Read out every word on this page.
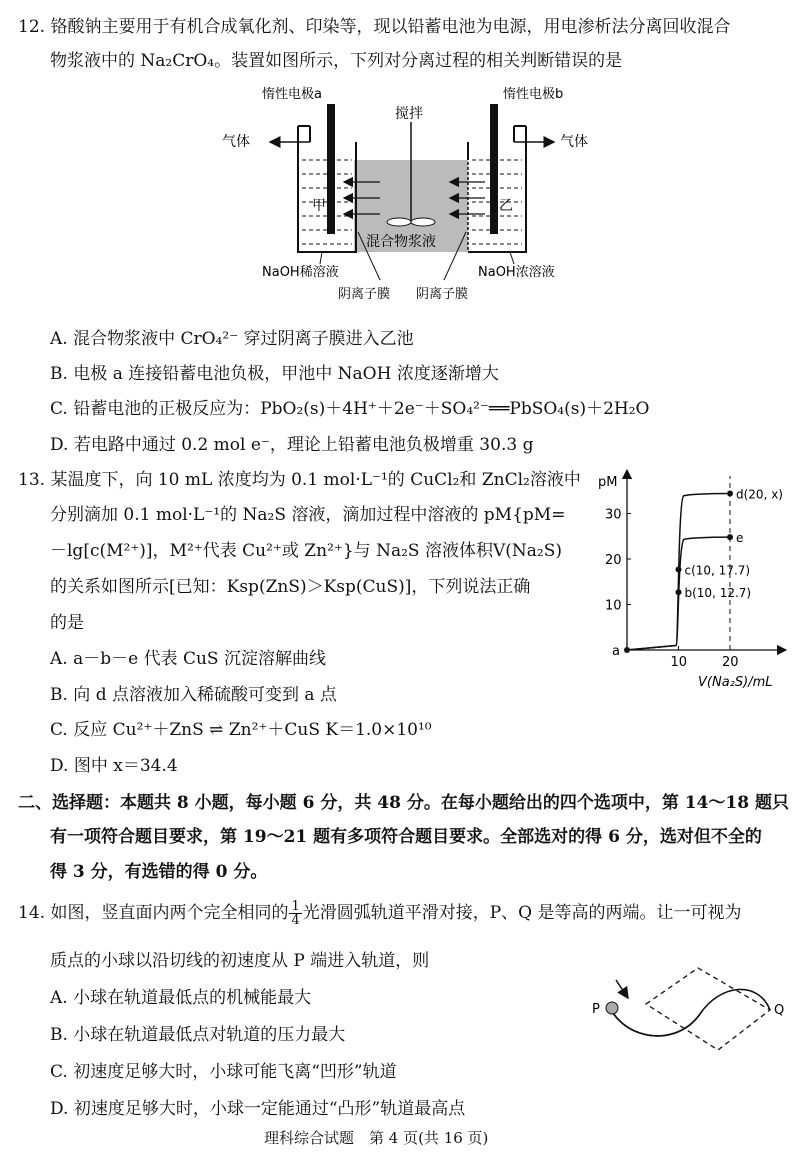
12. 铬酸钠主要用于有机合成氧化剂、印染等，现以铅蓄电池为电源，用电渗析法分离回收混合
物浆液中的 Na₂CrO₄。装置如图所示，下列对分离过程的相关判断错误的是
惰性电极a	惰性电极b
气体	气体
搅拌
甲	乙
混合物浆液
NaOH稀溶液	NaOH浓溶液
阴离子膜 阴离子膜
A. 混合物浆液中 CrO₄²⁻ 穿过阴离子膜进入乙池
B. 电极 a 连接铅蓄电池负极，甲池中 NaOH 浓度逐渐增大
C. 铅蓄电池的正极反应为：PbO₂(s)＋4H⁺＋2e⁻＋SO₄²⁻══PbSO₄(s)＋2H₂O
D. 若电路中通过 0.2 mol e⁻，理论上铅蓄电池负极增重 30.3 g
13. 某温度下，向 10 mL 浓度均为 0.1 mol·L⁻¹的 CuCl₂和 ZnCl₂溶液中
分别滴加 0.1 mol·L⁻¹的 Na₂S 溶液，滴加过程中溶液的 pM{pM=
－lg[c(M²⁺)]，M²⁺代表 Cu²⁺或 Zn²⁺}与 Na₂S 溶液体积V(Na₂S)
的关系如图所示[已知：Ksp(ZnS)＞Ksp(CuS)]，下列说法正确
的是
A. a－b－e 代表 CuS 沉淀溶解曲线
B. 向 d 点溶液加入稀硫酸可变到 a 点
C. 反应 Cu²⁺＋ZnS ⇌ Zn²⁺＋CuS K＝1.0×10¹⁰
D. 图中 x＝34.4
pM
V(Na₂S)/mL
a
10	20
10
20
30
b(10, 12.7)
c(10, 17.7)
d(20, x)
e
二、选择题：本题共 8 小题，每小题 6 分，共 48 分。在每小题给出的四个选项中，第 14～18 题只
有一项符合题目要求，第 19～21 题有多项符合题目要求。全部选对的得 6 分，选对但不全的
得 3 分，有选错的得 0 分。
14. 如图，竖直面内两个完全相同的 $\frac{1}{4}$ 光滑圆弧轨道平滑对接，P、Q 是等高的两端。让一可视为
质点的小球以沿切线的初速度从 P 端进入轨道，则
A. 小球在轨道最低点的机械能最大
B. 小球在轨道最低点对轨道的压力最大
C. 初速度足够大时，小球可能飞离“凹形”轨道
D. 初速度足够大时，小球一定能通过“凸形”轨道最高点
P	Q
理科综合试题　第 4 页(共 16 页)
